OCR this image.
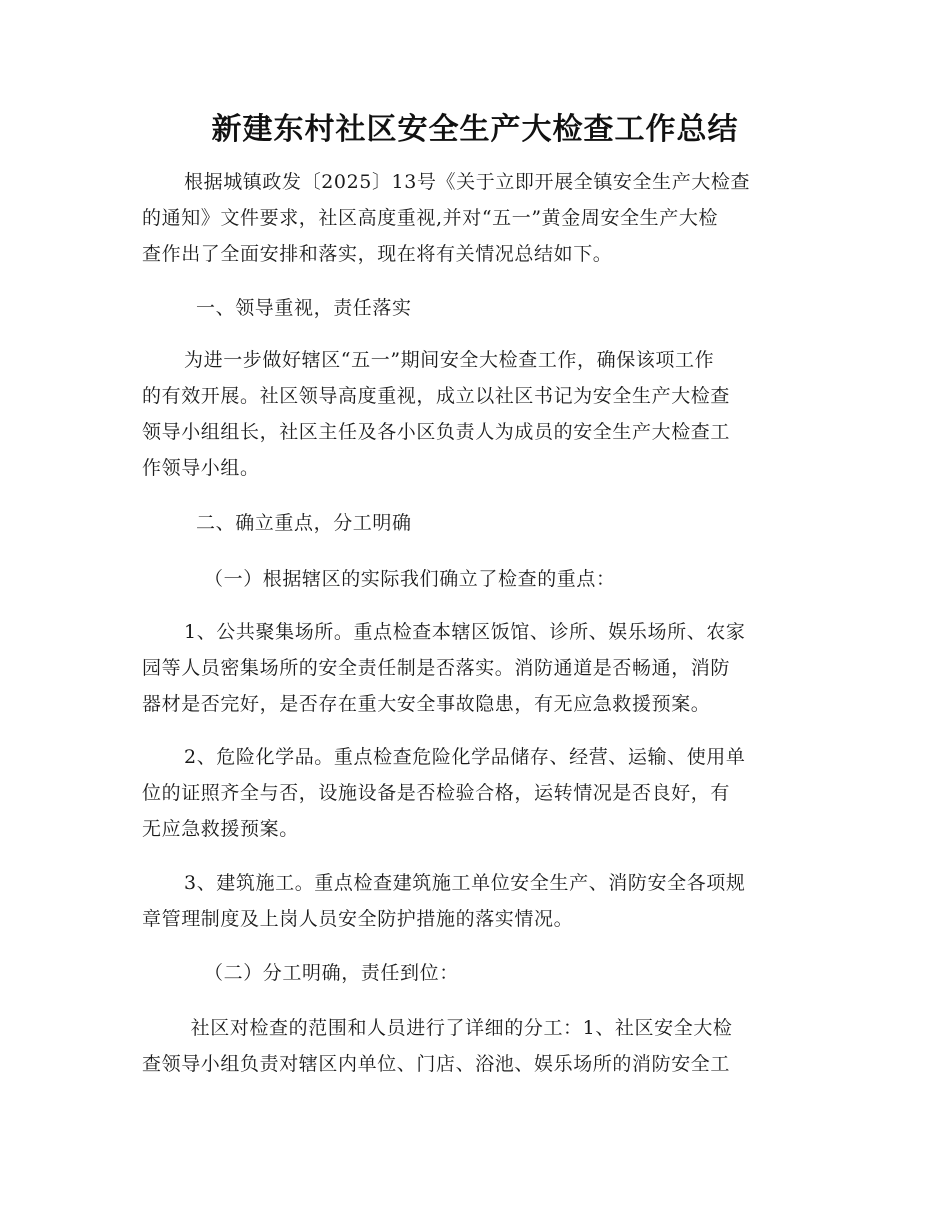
新建东村社区安全生产大检查工作总结

根据城镇政发〔2025〕13号《关于立即开展全镇安全生产大检查
的通知》文件要求，社区高度重视,并对“五一”黄金周安全生产大检
查作出了全面安排和落实，现在将有关情况总结如下。

一、领导重视，责任落实

为进一步做好辖区“五一”期间安全大检查工作，确保该项工作
的有效开展。社区领导高度重视，成立以社区书记为安全生产大检查
领导小组组长，社区主任及各小区负责人为成员的安全生产大检查工
作领导小组。

二、确立重点，分工明确

（一）根据辖区的实际我们确立了检查的重点：

1、公共聚集场所。重点检查本辖区饭馆、诊所、娱乐场所、农家
园等人员密集场所的安全责任制是否落实。消防通道是否畅通，消防
器材是否完好，是否存在重大安全事故隐患，有无应急救援预案。

2、危险化学品。重点检查危险化学品储存、经营、运输、使用单
位的证照齐全与否，设施设备是否检验合格，运转情况是否良好，有
无应急救援预案。

3、建筑施工。重点检查建筑施工单位安全生产、消防安全各项规
章管理制度及上岗人员安全防护措施的落实情况。

（二）分工明确，责任到位：

社区对检查的范围和人员进行了详细的分工：1、社区安全大检
查领导小组负责对辖区内单位、门店、浴池、娱乐场所的消防安全工
